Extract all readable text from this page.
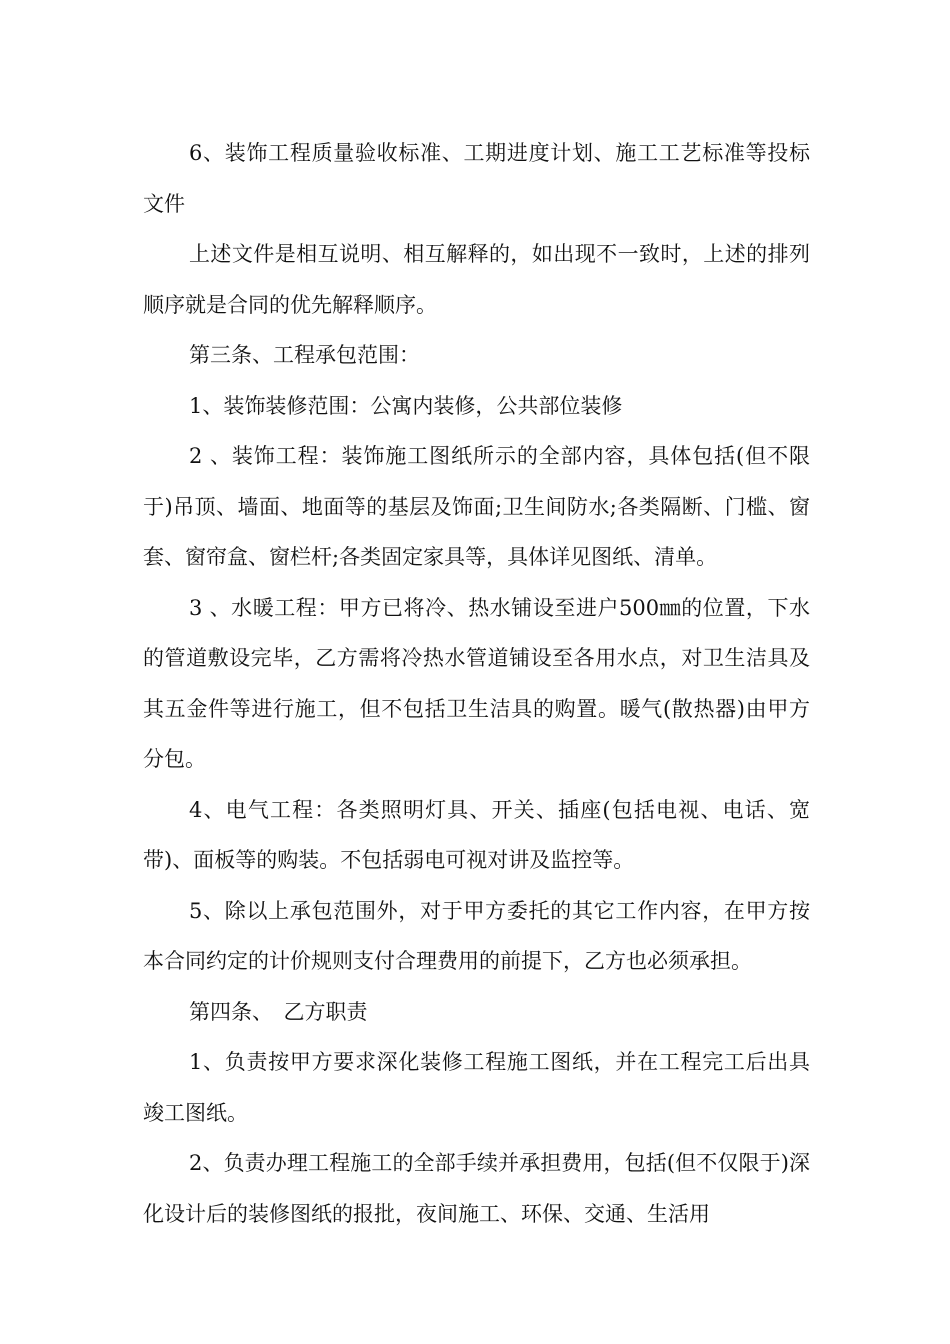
6、装饰工程质量验收标准、工期进度计划、施工工艺标准等投标文件

上述文件是相互说明、相互解释的，如出现不一致时，上述的排列顺序就是合同的优先解释顺序。

第三条、工程承包范围：

1、装饰装修范围：公寓内装修，公共部位装修

2 、装饰工程：装饰施工图纸所示的全部内容，具体包括(但不限于)吊顶、墙面、地面等的基层及饰面;卫生间防水;各类隔断、门槛、窗套、窗帘盒、窗栏杆;各类固定家具等，具体详见图纸、清单。

3 、水暖工程：甲方已将冷、热水铺设至进户500㎜的位置，下水的管道敷设完毕，乙方需将冷热水管道铺设至各用水点，对卫生洁具及其五金件等进行施工，但不包括卫生洁具的购置。暖气(散热器)由甲方分包。

4、电气工程：各类照明灯具、开关、插座(包括电视、电话、宽带)、面板等的购装。不包括弱电可视对讲及监控等。

5、除以上承包范围外，对于甲方委托的其它工作内容，在甲方按本合同约定的计价规则支付合理费用的前提下，乙方也必须承担。

第四条、　乙方职责

1、负责按甲方要求深化装修工程施工图纸，并在工程完工后出具竣工图纸。

2、负责办理工程施工的全部手续并承担费用，包括(但不仅限于)深化设计后的装修图纸的报批，夜间施工、环保、交通、生活用
